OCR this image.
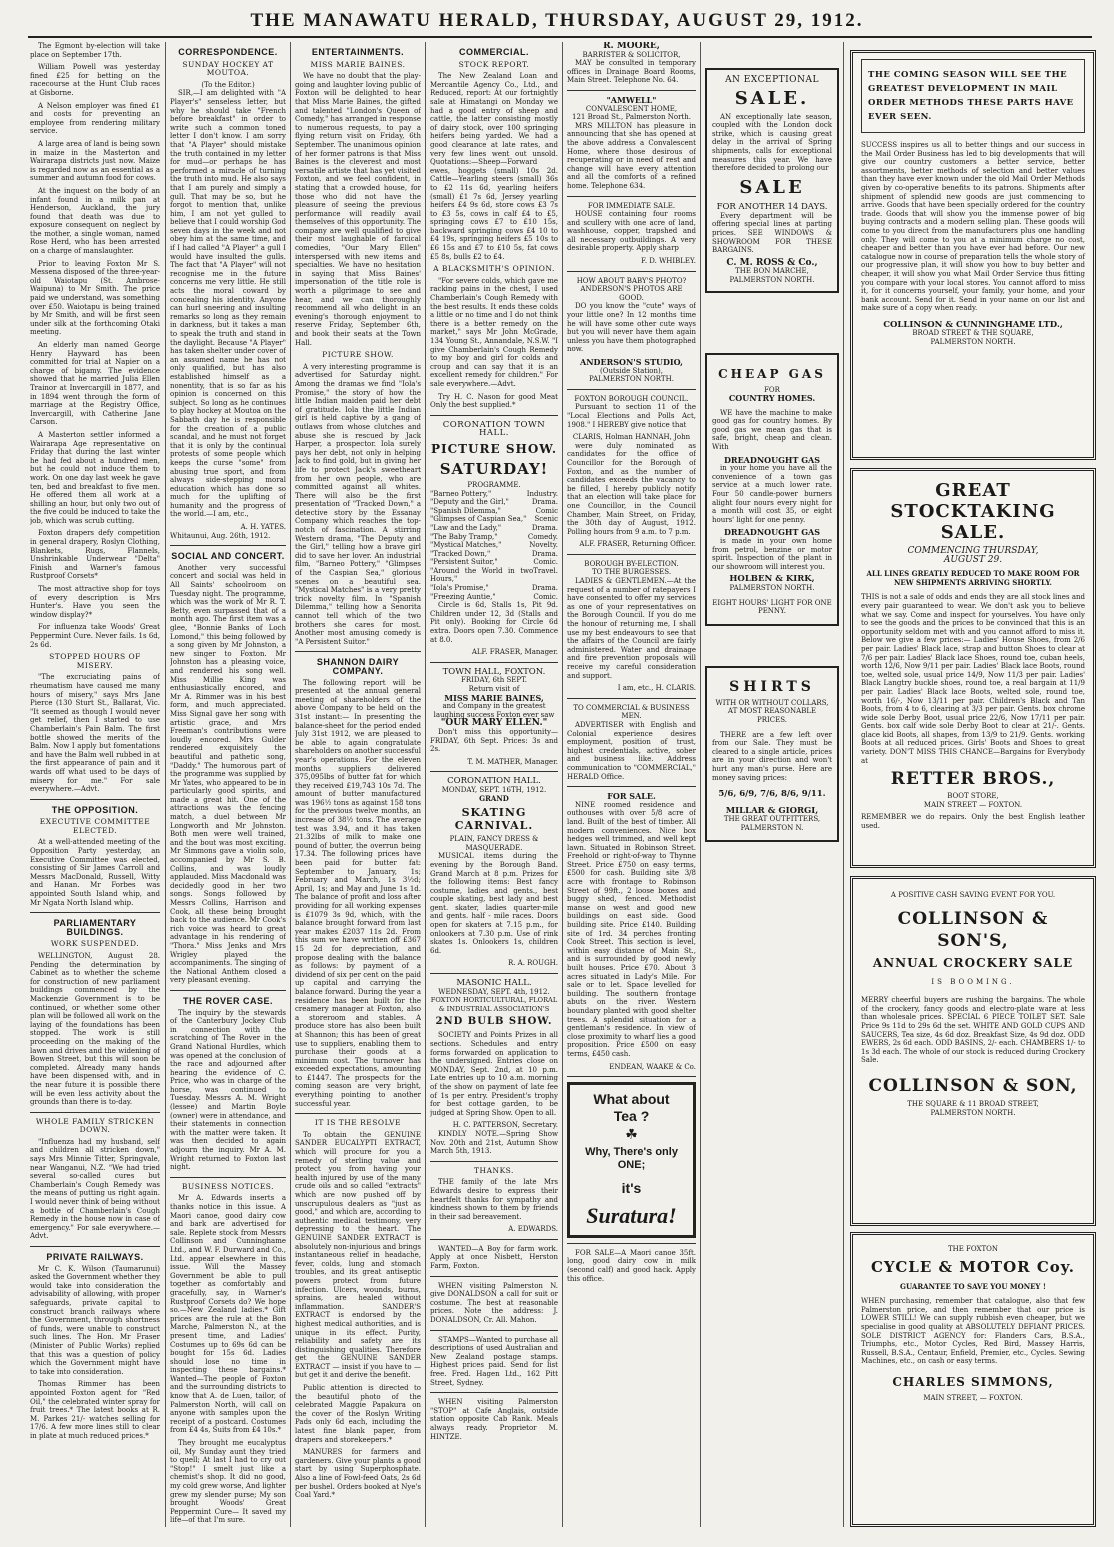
THE MANAWATU HERALD, THURSDAY, AUGUST 29, 1912.

The Egmont by-election will take place on September 17th.

William Powell was yesterday fined £25 for betting on the racecourse at the Hunt Club races at Gisborne.

A Nelson employer was fined £1 and costs for preventing an employee from rendering military service.

A large area of land is being sown in maize in the Masterton and Wairarapa districts just now. Maize is regarded now as an essential as a summer and autumn food for cows.

At the inquest on the body of an infant found in a milk pan at Henderson, Auckland, the jury found that death was due to exposure consequent on neglect by the mother, a single woman, named Rose Herd, who has been arrested on a charge of manslaughter.

Prior to leaving Foxton Mr S. Messena disposed of the three-year-old Waiotapu (St. Ambrose-Waipuna) to Mr Smith. The price paid we understand, was something over £50. Waiotapu is being trained by Mr Smith, and will be first seen under silk at the forthcoming Otaki meeting.

An elderly man named George Henry Hayward has been committed for trial at Napier on a charge of bigamy. The evidence showed that he married Julia Ellen Trainor at Invercargill in 1877, and in 1894 went through the form of marriage at the Registry Office, Invercargill, with Catherine Jane Carson.

A Masterton settler informed a Wairarapa Age representative on Friday that during the last winter he had fed about a hundred men, but he could not induce them to work. On one day last week he gave ten, bed and breakfast to five men. He offered them all work at a shilling an hour, but only two out of the five could be induced to take the job, which was scrub cutting.

Foxton drapers defy competition in general drapery, Roslyn Clothing, Blankets, Rugs, Flannels, Unshrinkable Underwear "Delta" Finish and Warner's famous Rustproof Corsets*

The most attractive shop for toys of every description is Mrs Hunter's. Have you seen the window display?*

For influenza take Woods' Great Peppermint Cure. Never fails. 1s 6d, 2s 6d.

STOPPED HOURS OF MISERY.

"The excruciating pains of rheumatism have caused me many hours of misery," says Mrs Jane Pierce (130 Sturt St., Ballarat, Vic. "It seemed as though I would never get relief, then I started to use Chamberlain's Pain Balm. The first bottle showed the merits of the Balm. Now I apply but fomentations and have the Balm well rubbed in at the first appearance of pain and it wards off what used to be days of misery for me." For sale everywhere.—Advt.

THE OPPOSITION.
EXECUTIVE COMMITTEE ELECTED.

At a well-attended meeting of the Opposition Party yesterday, an Executive Committee was elected, consisting of Sir James Carroll and Messrs MacDonald, Russell, Witty and Hanan. Mr Forbes was appointed South Island whip, and Mr Ngata North Island whip.

PARLIAMENTARY BUILDINGS.
WORK SUSPENDED.

WELLINGTON, August 28. Pending the determination by Cabinet as to whether the scheme for construction of new parliament buildings commenced by the Mackenzie Government is to be continued, or whether some other plan will be followed all work on the laying of the foundations has been stopped. The work is still proceeding on the making of the lawn and drives and the widening of Bowen Street, but this will soon be completed. Already many hands have been dispensed with, and in the near future it is possible there will be even less activity about the grounds than there is to-day.

WHOLE FAMILY STRICKEN DOWN.

"Influenza had my husband, self and children all stricken down," says Mrs Minnie Titter, Springvale, near Wanganui, N.Z. "We had tried several so-called cures but Chamberlain's Cough Remedy was the means of putting us right again. I would never think of being without a bottle of Chamberlain's Cough Remedy in the house now in case of emergency." For sale everywhere.—Advt.

PRIVATE RAILWAYS.

Mr C. K. Wilson (Taumarunui) asked the Government whether they would take into consideration the advisability of allowing, with proper safeguards, private capital to construct branch railways where the Government, through shortness of funds, were unable to construct such lines. The Hon. Mr Fraser (Minister of Public Works) replied that this was a question of policy which the Government might have to take into consideration.

Thomas Rimmer has been appointed Foxton agent for "Red Oil," the celebrated winter spray for fruit trees.* The latest books at R. M. Parkes 21/- watches selling for 17/6. A few more lines still to clear in plate at much reduced prices.*

CORRESPONDENCE.
SUNDAY HOCKEY AT MOUTOA.
(To the Editor.)

SIR,—I am delighted with "A Player's" senseless letter, but why he should take "French before breakfast" in order to write such a common toned letter I don't know. I am sorry that "A Player" should mistake the truth contained in my letter for mud—or perhaps he has performed a miracle of turning the truth into mud. He also says that I am purely and simply a gull. That may be so, but he forgot to mention that, unlike him, I am not yet gulled to believe that I could worship God seven days in the week and not obey him at the same time, and if I had called "A Player" a gull I would have insulted the gulls. The fact that "A Player" will not recognise me in the future concerns me very little. He still acts the moral coward by concealing his identity. Anyone can hurl sneering and insulting remarks so long as they remain in darkness, but it takes a man to speak the truth and stand in the daylight. Because "A Player" has taken shelter under cover of an assumed name he has not only qualified, but has also established himself as a nonentity, that is so far as his opinion is concerned on this subject. So long as he continues to play hockey at Moutoa on the Sabbath day he is responsible for the creation of a public scandal, and he must not forget that it is only by the continual protests of some people which keeps the curse "some" from abusing true sport, and from always side-stepping moral education which has done so much for the uplifting of humanity and the progress of the world.—I am, etc.,

A. H. YATES.
Whitaunui, Aug. 26th, 1912.
SOCIAL AND CONCERT.

Another very successful concert and social was held in All Saints' schoolroom on Tuesday night. The programme, which was the work of Mr R. T. Betty, even surpassed that of a month ago. The first item was a glee, "Bonnie Banks of Loch Lomond," this being followed by a song given by Mr Johnston, a new singer to Foxton. Mr Johnston has a pleasing voice, and rendered his song well. Miss Millie King was enthusiastically encored, and Mr A. Rimmer was in his best form, and much appreciated. Miss Signal gave her song with artistic grace, and Mrs Freeman's contributions were loudly encored. Mrs Gulder rendered exquisitely the beautiful and pathetic song, "Daddy." The humorous part of the programme was supplied by Mr Yates, who appeared to be in particularly good spirits, and made a great hit. One of the attractions was the fencing match, a duel between Mr Longworth and Mr Johnston. Both men were well trained, and the bout was most exciting. Mr Simmons gave a violin solo, accompanied by Mr S. B. Collins, and was loudly applauded. Miss Macdonald was decidedly good in her two songs. Songs followed by Messrs Collins, Harrison and Cook, all these being brought back to the audience. Mr Cook's rich voice was heard to great advantage in his rendering of "Thora." Miss Jenks and Mrs Wrigley played the accompaniments. The singing of the National Anthem closed a very pleasant evening.

THE ROVER CASE.

The inquiry by the stewards of the Canterbury Jockey Club in connection with the scratching of The Rover in the Grand National Hurdles, which was opened at the conclusion of the race and adjourned after hearing the evidence of C. Price, who was in charge of the horse, was continued to Tuesday. Messrs A. M. Wright (lessee) and Martin Boyle (owner) were in attendance, and their statements in connection with the matter were taken. It was then decided to again adjourn the inquiry. Mr A. M. Wright returned to Foxton last night.

BUSINESS NOTICES.

Mr A. Edwards inserts a thanks notice in this issue. A Maori canoe, good dairy cow and bark are advertised for sale. Replete stock from Messrs Collinson and Cunninghame Ltd., and W. F. Durward and Co., Ltd. appear elsewhere in this issue. Will the Massey Government be able to pull together as comfortably and gracefully, say, in Warner's Rustproof Corsets do? We hope so.—New Zealand ladies.* Gift prices are the rule at the Bon Marche, Palmerston N., at the present time, and Ladies' Costumes up to 69s 6d can be bought for 15s 6d. Ladies should lose no time in inspecting these bargains.* Wanted—The people of Foxton and the surrounding districts to know that A. de Luen, tailor, of Palmerston North, will call on anyone with samples upon the receipt of a postcard. Costumes from £4 4s, Suits from £4 10s.*

They brought me eucalyptus oil, My Sunday aunt they tried to quell; At last I had to cry out "Stop!" I smelt just like a chemist's shop. It did no good, my cold grew worse, And lighter grew my slender purse; My son brought Woods' Great Peppermint Cure— It saved my life—of that I'm sure.

ENTERTAINMENTS.
MISS MARIE BAINES.

We have no doubt that the play-going and laughter loving public of Foxton will be delighted to hear that Miss Marie Baines, the gifted and talented "London's Queen of Comedy," has arranged in response to numerous requests, to pay a flying return visit on Friday, 6th September. The unanimous opinion of her former patrons is that Miss Baines is the cleverest and most versatile artiste that has yet visited Foxton, and we feel confident, in stating that a crowded house, for those who did not have the pleasure of seeing the previous performance will readily avail themselves of this opportunity. The company are well qualified to give their most laughable of farcical comedies, "Our Mary Ellen" interspersed with new items and specialties. We have no hesitation in saying that Miss Baines' impersonation of the title role is worth a pilgrimage to see and hear, and we can thoroughly recommend all who delight in an evening's thorough enjoyment to reserve Friday, September 6th, and book their seats at the Town Hall.

PICTURE SHOW.

A very interesting programme is advertised for Saturday night. Among the dramas we find "Iola's Promise," the story of how the little Indian maiden paid her debt of gratitude. Iola the little Indian girl is held captive by a gang of outlaws from whose clutches and abuse she is rescued by Jack Harper, a prospector. Iola surely pays her debt, not only in helping Jack to find gold, but in giving her life to protect Jack's sweetheart from her own people, who are committed against all whites. There will also be the first presentation of "Tracked Down," a detective story by the Essanay Company which reaches the top-notch of fascination. A stirring Western drama, "The Deputy and the Girl," telling how a brave girl did to save her lover. An industrial film, "Barneo Pottery," "Glimpses of the Caspian Sea," glorious scenes on a beautiful sea. "Mystical Matches" is a very pretty trick novelty film. In "Spanish Dilemma," telling how a Senorita cannot tell which of the two brothers she cares for most. Another most amusing comedy is "A Persistent Suitor."

SHANNON DAIRY COMPANY.

The following report will be presented at the annual general meeting of shareholders of the above Company to be held on the 31st instant:— In presenting the balance-sheet for the period ended July 31st 1912, we are pleased to be able to again congratulate shareholders on another successful year's operations. For the eleven months suppliers delivered 375,095lbs of butter fat for which they received £19,743 10s 7d. The amount of butter manufactured was 196½ tons as against 158 tons for the previous twelve months, an increase of 38½ tons. The average test was 3.94, and it has taken 21.32lbs of milk to make one pound of butter, the overrun being 17.34. The following prices have been paid for butter fat: September to January, 1s; February and March, 1s 3½d; April, 1s; and May and June 1s 1d. The balance of profit and loss after providing for all working expenses is £1079 3s 9d, which, with the balance brought forward from last year makes £2037 11s 2d. From this sum we have written off £367 15 2d for depreciation, and propose dealing with the balance as follows: by payment of a dividend of six per cent on the paid up capital and carrying the balance forward. During the year a residence has been built for the creamery manager at Foxton, also a storeroom and stables. A produce store has also been built at Shannon; this has been of great use to suppliers, enabling them to purchase their goods at a minimum cost. The turnover has exceeded expectations, amounting to £1447. The prospects for the coming season are very bright, everything pointing to another successful year.

IT IS THE RESOLVE

To obtain the GENUINE SANDER EUCALYPTI EXTRACT, which will procure for you a remedy of sterling value and protect you from having your health injured by use of the many crude oils and so called "extracts" which are now pushed off by unscrupulous dealers as "just as good," and which are, according to authentic medical testimony, very depressing to the heart. The GENUINE SANDER EXTRACT is absolutely non-injurious and brings instantaneous relief in headache, fever, colds, lung and stomach troubles, and its great antiseptic powers protect from future infection. Ulcers, wounds, burns, sprains, are healed without inflammation. SANDER'S EXTRACT is endorsed by the highest medical authorities, and is unique in its effect. Purity, reliability and safety are its distinguishing qualities. Therefore get the GENUINE SANDER EXTRACT — insist if you have to — but get it and derive the benefit.

Public attention is directed to the beautiful photo of the celebrated Maggie Papakura on the cover of the Roslyn Writing Pads only 6d each, including the latest fine blank paper, from drapers and storekeepers.*

MANURES for farmers and gardeners. Give your plants a good start by using Superphosphate. Also a line of Fowl-feed Oats, 2s 6d per bushel. Orders booked at Nye's Coal Yard.*

COMMERCIAL.
STOCK REPORT.

The New Zealand Loan and Mercantile Agency Co., Ltd., and Reduced, report: At our fortnightly sale at Himatangi on Monday we had a good entry of sheep and cattle, the latter consisting mostly of dairy stock, over 100 springing heifers being yarded. We had a good clearance at late rates, and very few lines went out unsold. Quotations:—Sheep—Forward ewes, hoggets (small) 10s 2d. Cattle—Yearling steers (small) 36s to £2 11s 6d, yearling heifers (small) £1 7s 6d, Jersey yearling heifers £4 9s 6d, store cows £3 7s to £3 5s, cows in calf £4 to £5, springing cows £7 to £10 15s, backward springing cows £4 10 to £4 19s, springing heifers £5 10s to £6 15s and £7 to £10 5s, fat cows £5 8s, bulls £2 to £4.

A BLACKSMITH'S OPINION.

"For severe colds, which gave me racking pains in the chest, I used Chamberlain's Cough Remedy with the best results. It ends these colds a little or no time and I do not think there is a better remedy on the market," says Mr John McGrade, 134 Young St., Annandale, N.S.W. "I give Chamberlain's Cough Remedy to my boy and girl for colds and croup and can say that it is an excellent remedy for children." For sale everywhere.—Advt.

Try H. C. Nason for good Meat Only the best supplied.*

CORONATION TOWN HALL.
PICTURE SHOW.
SATURDAY!
PROGRAMME.
"Barneo Pottery,"	Industry.
"Deputy and the Girl,"	Drama.
"Spanish Dilemma,"	Comic
"Glimpses of Caspian Sea," Scenic
"Law and the Lady,"	Drama.
"The Baby Tramp,"	Comedy.
"Mystical Matches,"	Novelty.
"Tracked Down,"	Drama.
"Persistent Suitor,"	Comic.
"Around the World in two Hours,"
Travel.
"Iola's Promise,"	Drama.
"Freezing Auntie,"	Comic.

Circle is 6d, Stalls 1s, Pit 9d. Children under 12, 3d (Stalls and Pit only). Booking for Circle 6d extra. Doors open 7.30. Commence at 8.0.

ALF. FRASER, Manager.
TOWN HALL, FOXTON.
FRIDAY, 6th SEPT.
Return visit of
MISS MARIE BAINES,
and Company in the greatest laughing success Foxton ever saw
"OUR MARY ELLEN."

Don't miss this opportunity—FRIDAY, 6th Sept. Prices: 3s and 2s.

T. M. MATHER, Manager.
CORONATION HALL.
MONDAY, SEPT. 16TH, 1912.
GRAND
SKATING CARNIVAL.
PLAIN, FANCY DRESS & MASQUERADE.

MUSICAL items during the evening by the Borough Band. Grand March at 8 p.m. Prizes for the following items: Best fancy costume, ladies and gents., best couple skating, best lady and best gent. skater, ladies quarter-mile and gents. half - mile races. Doors open for skaters at 7.15 p.m., for onlookers at 7.30 p.m. Use of rink skates 1s. Onlookers 1s, children 6d.

R. A. ROUGH.
MASONIC HALL.
WEDNESDAY, SEPT. 4th, 1912.
FOXTON HORTICULTURAL, FLORAL & INDUSTRIAL ASSOCIATION'S
2ND BULB SHOW.

SOCIETY and Points Prizes in all sections. Schedules and entry forms forwarded on application to the undersigned. Entries close on MONDAY, Sept. 2nd, at 10 p.m. Late entries up to 10 a.m. morning of the show on payment of late fee of 1s per entry. President's trophy for best cottage garden, to be judged at Spring Show. Open to all.

H. C. PATTERSON, Secretary.

KINDLY NOTE.—Spring Show Nov. 20th and 21st, Autumn Show March 5th, 1913.

THANKS.

THE family of the late Mrs Edwards desire to express their heartfelt thanks for sympathy and kindness shown to them by friends in their sad bereavement.

A. EDWARDS.

WANTED—A Boy for farm work. Apply at once Nisbett, Herston Farm, Foxton.

WHEN visiting Palmerston N. give DONALDSON a call for suit or costume. The best at reasonable prices. Note the address: J. DONALDSON, Cr. All. Mahon.

STAMPS—Wanted to purchase all descriptions of used Australian and New Zealand postage stamps. Highest prices paid. Send for list free. Fred. Hagen Ltd., 162 Pitt Street, Sydney.

WHEN visiting Palmerston "STOP" at Cafe Anglais, outside station opposite Cab Rank. Meals always ready. Proprietor M. HINTZE.

R. MOORE,
BARRISTER & SOLICITOR,

MAY be consulted in temporary offices in Drainage Board Rooms, Main Street. Telephone No. 64.

"AMWELL"
CONVALESCENT HOME,
121 Broad St., Palmerston North.

MRS MILLTON has pleasure in announcing that she has opened at the above address a Convalescent Home, where those desirous of recuperating or in need of rest and change will have every attention and all the comforts of a refined home. Telephone 634.

FOR IMMEDIATE SALE.

HOUSE containing four rooms and scullery with one acre of land, washhouse, copper, trapshed and all necessary outbuildings. A very desirable property. Apply sharp

F. D. WHIBLEY.
HOW ABOUT BABY'S PHOTO?
ANDERSON'S PHOTOS ARE GOOD.

DO you know the "cute" ways of your little one? In 12 months time he will have some other cute ways but you will never have them again unless you have them photographed now.

ANDERSON'S STUDIO,
(Outside Station),
PALMERSTON NORTH.
FOXTON BOROUGH COUNCIL.

Pursuant to section 11 of the "Local Elections and Polls Act, 1908." I HEREBY give notice that

CLARIS, Holman HANNAH, John

were duly nominated as candidates for the office of Councillor for the Borough of Foxton, and as the number of candidates exceeds the vacancy to be filled, I hereby publicly notify that an election will take place for one Councillor, in the Council Chamber, Main Street, on Friday, the 30th day of August, 1912. Polling hours from 9 a.m. to 7 p.m.

ALF. FRASER, Returning Officer.
BOROUGH BY-ELECTION.
TO THE BURGESSES.

LADIES & GENTLEMEN.—At the request of a number of ratepayers I have consented to offer my services as one of your representatives on the Borough Council. If you do me the honour of returning me, I shall use my best endeavours to see that the affairs of the Council are fairly administered. Water and drainage and fire prevention proposals will receive my careful consideration and support.

I am, etc., H. CLARIS.
TO COMMERCIAL & BUSINESS MEN.

ADVERTISER with English and Colonial experience desires employment, position of trust, highest credentials, active, sober and business like. Address communication to "COMMERCIAL," HERALD Office.

FOR SALE.

NINE roomed residence and outhouses with over 5/8 acre of land. Built of the best of timber. All modern conveniences. Nice box hedges well trimmed, and well kept lawn. Situated in Robinson Street. Freehold or right-of-way to Thynne Street. Price £750 on easy terms, £500 for cash. Building site 3/8 acre with frontage to Robinson Street of 99ft., 2 loose boxes and buggy shed, fenced. Methodist manse on west and good new buildings on east side. Good building site. Price £140. Building site of 1rd. 34 perches fronting Cook Street. This section is level, within easy distance of Main St., and is surrounded by good newly built houses. Price £70. About 3 acres situated in Lady's Mile. For sale or to let. Space levelled for building. The southern frontage abuts on the river. Western boundary planted with good shelter trees. A splendid situation for a gentleman's residence. In view of close proximity to wharf lies a good proposition. Price £500 on easy terms, £450 cash.

ENDEAN, WAAKE & Co.
What about
Tea ?
☘
Why, There's only ONE;
it's
Suratura!

FOR SALE—A Maori canoe 35ft. long, good dairy cow in milk (second calf) and good hack. Apply this office.

AN EXCEPTIONAL
SALE.

AN exceptionally late season, coupled with the London dock strike, which is causing great delay in the arrival of Spring shipments, calls for exceptional measures this year. We have therefore decided to prolong our

SALE
FOR ANOTHER 14 DAYS.

Every department will be offering special lines at parting prices. SEE WINDOWS & SHOWROOM FOR THESE BARGAINS.

C. M. ROSS & Co.,
THE BON MARCHE,
PALMERSTON NORTH.
CHEAP GAS
FOR
COUNTRY HOMES.

WE have the machine to make good gas for country homes. By good gas we mean gas that is safe, bright, cheap and clean. With

DREADNOUGHT GAS

in your home you have all the convenience of a town gas service at a much lower rate. Four 50 candle-power burners alight four nours every night for a month will cost 35, or eight hours' light for one penny.

DREADNOUGHT GAS

is made in your own home from petrol, benzine or motor spirit. Inspection of the plant in our showroom will interest you.

HOLBEN & KIRK,
PALMERSTON NORTH.
EIGHT HOURS' LIGHT FOR ONE PENNY.
SHIRTS
WITH OR WITHOUT COLLARS, AT MOST REASONABLE PRICES.

THERE are a few left over from our Sale. They must be cleared to a single article, prices are in your direction and won't hurt any man's purse. Here are money saving prices:

5/6, 6/9, 7/6, 8/6, 9/11.
MILLAR & GIORGI,
THE GREAT OUTFITTERS,
PALMERSTON N.
THE COMING SEASON WILL SEE THE GREATEST DEVELOPMENT IN MAIL ORDER METHODS THESE PARTS HAVE EVER SEEN.

SUCCESS inspires us all to better things and our success in the Mail Order Business has led to big developments that will give our country customers a better service, better assortments, better methods of selection and better values than they have ever known under the old Mail Order Methods given by co-operative benefits to its patrons. Shipments after shipment of splendid new goods are just commencing to arrive. Goods that have been specially ordered for the country trade. Goods that will show you the immense power of big buying contracts and a modern selling plan. These goods will come to you direct from the manufacturers plus one handling only. They will come to you at a minimum charge no cost, cheaper and better than you have ever had before. Our new catalogue now in course of preparation tells the whole story of our progressive plan, it will show you how to buy better and cheaper, it will show you what Mail Order Service thus fitting you compare with your local stores. You cannot afford to miss it, for it concerns yourself, your family, your home, and your bank account. Send for it. Send in your name on our list and make sure of a copy when ready.

COLLINSON & CUNNINGHAME LTD.,
BROAD STREET & THE SQUARE,
PALMERSTON NORTH.
GREAT STOCKTAKING SALE.
COMMENCING THURSDAY,
AUGUST 29.
ALL LINES GREATLY REDUCED TO MAKE ROOM FOR NEW SHIPMENTS ARRIVING SHORTLY.

THIS is not a sale of odds and ends they are all stock lines and every pair guaranteed to wear. We don't ask you to believe what we say. Come and inspect for yourselves. You have only to see the goods and the prices to be convinced that this is an opportunity seldom met with and you cannot afford to miss it. Below we give a few prices:— Ladies' House Shoes, from 2/6 per pair. Ladies' Black lace, strap and button Shoes to clear at 7/6 per pair. Ladies' Black lace Shoes, round toe, cuban heels, worth 12/6, Now 9/11 per pair. Ladies' Black lace Boots, round toe, welted sole, usual price 14/9, Now 11/3 per pair. Ladies' Black Langtry buckle shoes, round toe, a real bargain at 11/9 per pair. Ladies' Black lace Boots, welted sole, round toe, worth 16/-, Now 13/11 per pair. Children's Black and Tan Boots, from 4 to 6, clearing at 3/3 per pair. Gents. box chrome wide sole Derby Boot, usual price 22/6, Now 17/11 per pair. Gents. box calf wide sole Derby Boot to clear at 21/-. Gents. glace kid Boots, all shapes, from 13/9 to 21/9. Gents. working Boots at all reduced prices. Girls' Boots and Shoes to great variety. DON'T MISS THIS CHANCE—Bargains for Everybody at

RETTER BROS.,
BOOT STORE,
MAIN STREET — FOXTON.

REMEMBER we do repairs. Only the best English leather used.

A POSITIVE CASH SAVING EVENT FOR YOU.
COLLINSON & SON'S,
ANNUAL CROCKERY SALE
IS BOOMING.

MERRY cheerful buyers are rushing the bargains. The whole of the crockery, fancy goods and electro-plate ware at less than wholesale prices. SPECIAL 6 PIECE TOILET SET. Sale Price 9s 11d to 29s 6d the set. WHITE AND GOLD CUPS AND SAUCERS, Tea size, 4s 6d doz. Breakfast Size, 4s 9d doz. ODD EWERS, 2s 6d each. ODD BASINS, 2/- each. CHAMBERS 1/- to 1s 3d each. The whole of our stock is reduced during Crockery Sale.

COLLINSON & SON,
THE SQUARE & 11 BROAD STREET,
PALMERSTON NORTH.
THE FOXTON
CYCLE & MOTOR Coy.
GUARANTEE TO SAVE YOU MONEY !

WHEN purchasing, remember that catalogue, also that few Palmerston price, and then remember that our price is LOWER STILL! We can supply rubbish even cheaper, but we specialise in good quality at ABSOLUTELY DEFIANT PRICES. SOLE DISTRICT AGENCY for: Flanders Cars, B.S.A., Triumphs, etc., Motor Cycles, Red Bird, Massey Harris, Russell, B.S.A., Centaur, Enfield, Premier, etc., Cycles. Sewing Machines, etc., on cash or easy terms.

CHARLES SIMMONS,
MAIN STREET, — FOXTON.
